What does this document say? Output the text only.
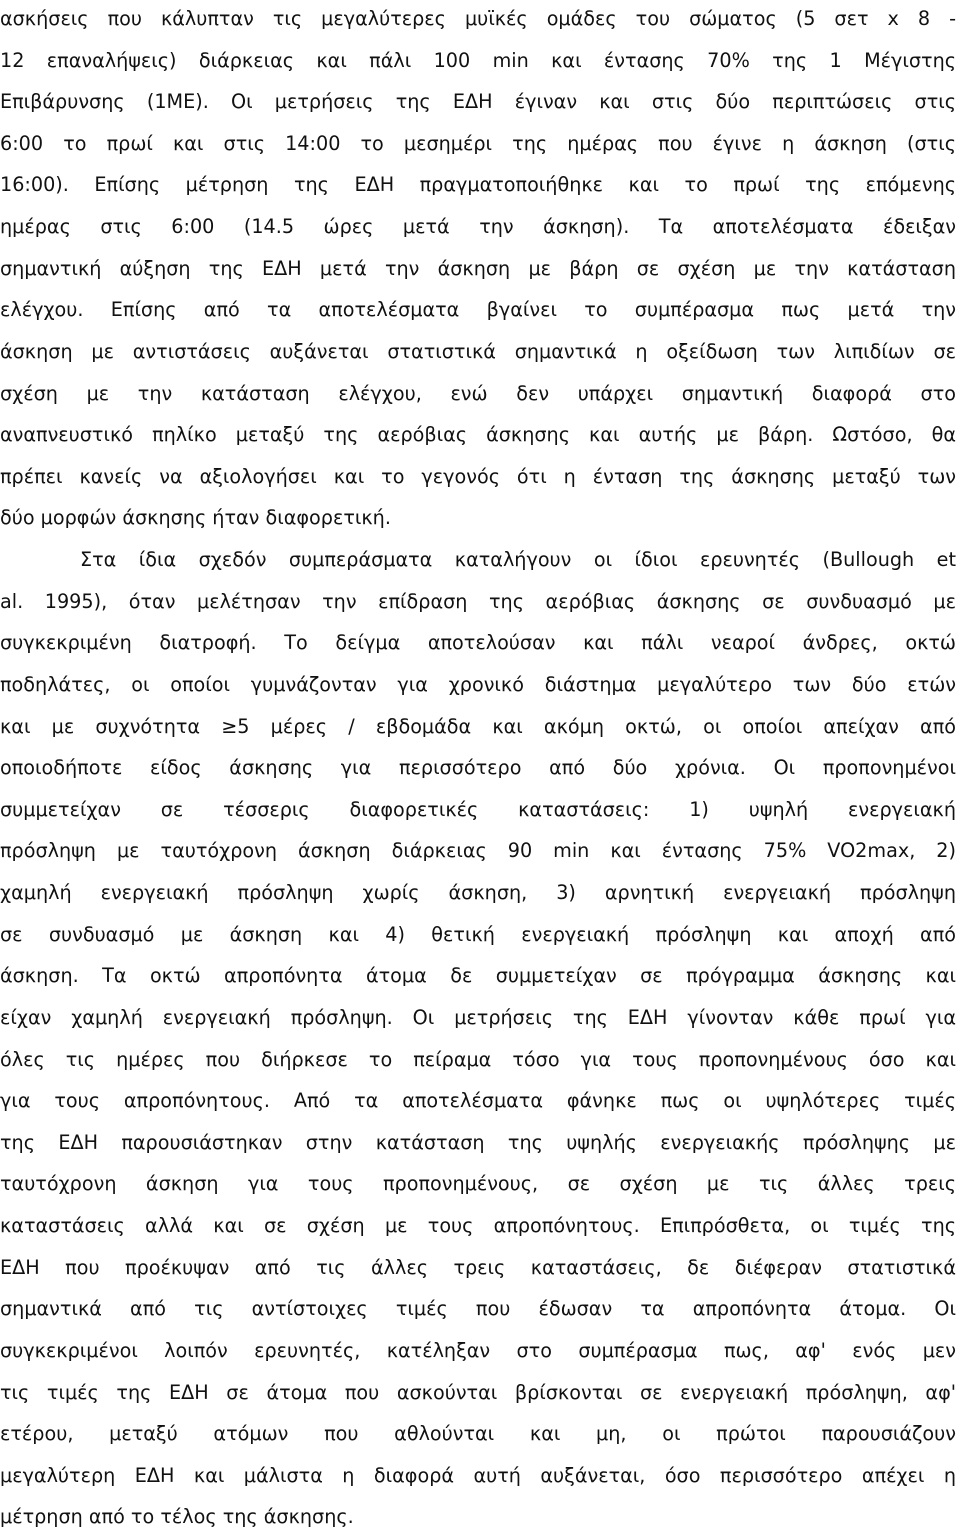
ασκήσεις που κάλυπταν τις μεγαλύτερες μυϊκές ομάδες του σώματος (5 σετ x 8 -
12 επαναλήψεις) διάρκειας και πάλι 100 min και έντασης 70% της 1 Μέγιστης
Επιβάρυνσης (1ΜΕ). Οι μετρήσεις της ΕΔΗ έγιναν και στις δύο περιπτώσεις στις
6:00 το πρωί και στις 14:00 το μεσημέρι της ημέρας που έγινε η άσκηση (στις
16:00). Επίσης μέτρηση της ΕΔΗ πραγματοποιήθηκε και το πρωί της επόμενης
ημέρας στις 6:00 (14.5 ώρες μετά την άσκηση). Τα αποτελέσματα έδειξαν
σημαντική αύξηση της ΕΔΗ μετά την άσκηση με βάρη σε σχέση με την κατάσταση
ελέγχου. Επίσης από τα αποτελέσματα βγαίνει το συμπέρασμα πως μετά την
άσκηση με αντιστάσεις αυξάνεται στατιστικά σημαντικά η οξείδωση των λιπιδίων σε
σχέση με την κατάσταση ελέγχου, ενώ δεν υπάρχει σημαντική διαφορά στο
αναπνευστικό πηλίκο μεταξύ της αερόβιας άσκησης και αυτής με βάρη. Ωστόσο, θα
πρέπει κανείς να αξιολογήσει και το γεγονός ότι η ένταση της άσκησης μεταξύ των
δύο μορφών άσκησης ήταν διαφορετική.
Στα ίδια σχεδόν συμπεράσματα καταλήγουν οι ίδιοι ερευνητές (Bullough et
al. 1995), όταν μελέτησαν την επίδραση της αερόβιας άσκησης σε συνδυασμό με
συγκεκριμένη διατροφή. Το δείγμα αποτελούσαν και πάλι νεαροί άνδρες, οκτώ
ποδηλάτες, οι οποίοι γυμνάζονταν για χρονικό διάστημα μεγαλύτερο των δύο ετών
και με συχνότητα ≥5 μέρες / εβδομάδα και ακόμη οκτώ, οι οποίοι απείχαν από
οποιοδήποτε είδος άσκησης για περισσότερο από δύο χρόνια. Οι προπονημένοι
συμμετείχαν σε τέσσερις διαφορετικές καταστάσεις: 1) υψηλή ενεργειακή
πρόσληψη με ταυτόχρονη άσκηση διάρκειας 90 min και έντασης 75% VO2max, 2)
χαμηλή ενεργειακή πρόσληψη χωρίς άσκηση, 3) αρνητική ενεργειακή πρόσληψη
σε συνδυασμό με άσκηση και 4) θετική ενεργειακή πρόσληψη και αποχή από
άσκηση. Τα οκτώ απροπόνητα άτομα δε συμμετείχαν σε πρόγραμμα άσκησης και
είχαν χαμηλή ενεργειακή πρόσληψη. Οι μετρήσεις της ΕΔΗ γίνονταν κάθε πρωί για
όλες τις ημέρες που διήρκεσε το πείραμα τόσο για τους προπονημένους όσο και
για τους απροπόνητους. Από τα αποτελέσματα φάνηκε πως οι υψηλότερες τιμές
της ΕΔΗ παρουσιάστηκαν στην κατάσταση της υψηλής ενεργειακής πρόσληψης με
ταυτόχρονη άσκηση για τους προπονημένους, σε σχέση με τις άλλες τρεις
καταστάσεις αλλά και σε σχέση με τους απροπόνητους. Επιπρόσθετα, οι τιμές της
ΕΔΗ που προέκυψαν από τις άλλες τρεις καταστάσεις, δε διέφεραν στατιστικά
σημαντικά από τις αντίστοιχες τιμές που έδωσαν τα απροπόνητα άτομα. Οι
συγκεκριμένοι λοιπόν ερευνητές, κατέληξαν στο συμπέρασμα πως, αφ' ενός μεν
τις τιμές της ΕΔΗ σε άτομα που ασκούνται βρίσκονται σε ενεργειακή πρόσληψη, αφ'
ετέρου, μεταξύ ατόμων που αθλούνται και μη, οι πρώτοι παρουσιάζουν
μεγαλύτερη ΕΔΗ και μάλιστα η διαφορά αυτή αυξάνεται, όσο περισσότερο απέχει η
μέτρηση από το τέλος της άσκησης.
